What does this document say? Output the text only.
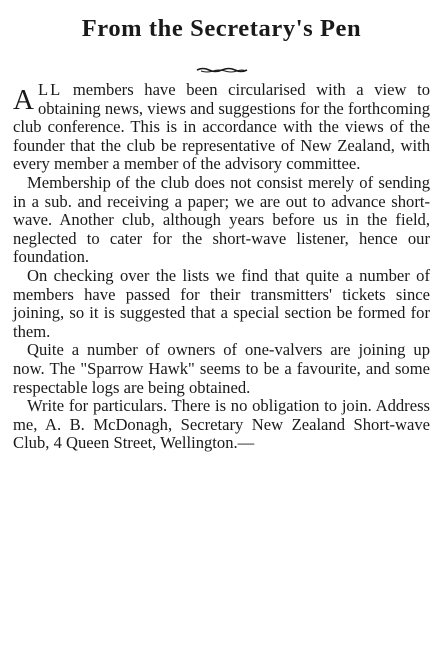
From the Secretary's Pen

ALL members have been circularised with a view to obtaining news, views and suggestions for the forthcoming club conference. This is in accordance with the views of the founder that the club be representative of New Zealand, with every member a member of the advisory committee.

Membership of the club does not consist merely of sending in a sub. and receiving a paper; we are out to advance short-wave. Another club, although years before us in the field, neglected to cater for the short-wave listener, hence our foundation.

On checking over the lists we find that quite a number of members have passed for their transmitters' tickets since joining, so it is suggested that a special section be formed for them.

Quite a number of owners of one-valvers are joining up now. The "Sparrow Hawk" seems to be a favourite, and some respectable logs are being obtained.

Write for particulars. There is no obligation to join. Address me, A. B. McDonagh, Secretary New Zealand Short-wave Club, 4 Queen Street, Wellington.—
